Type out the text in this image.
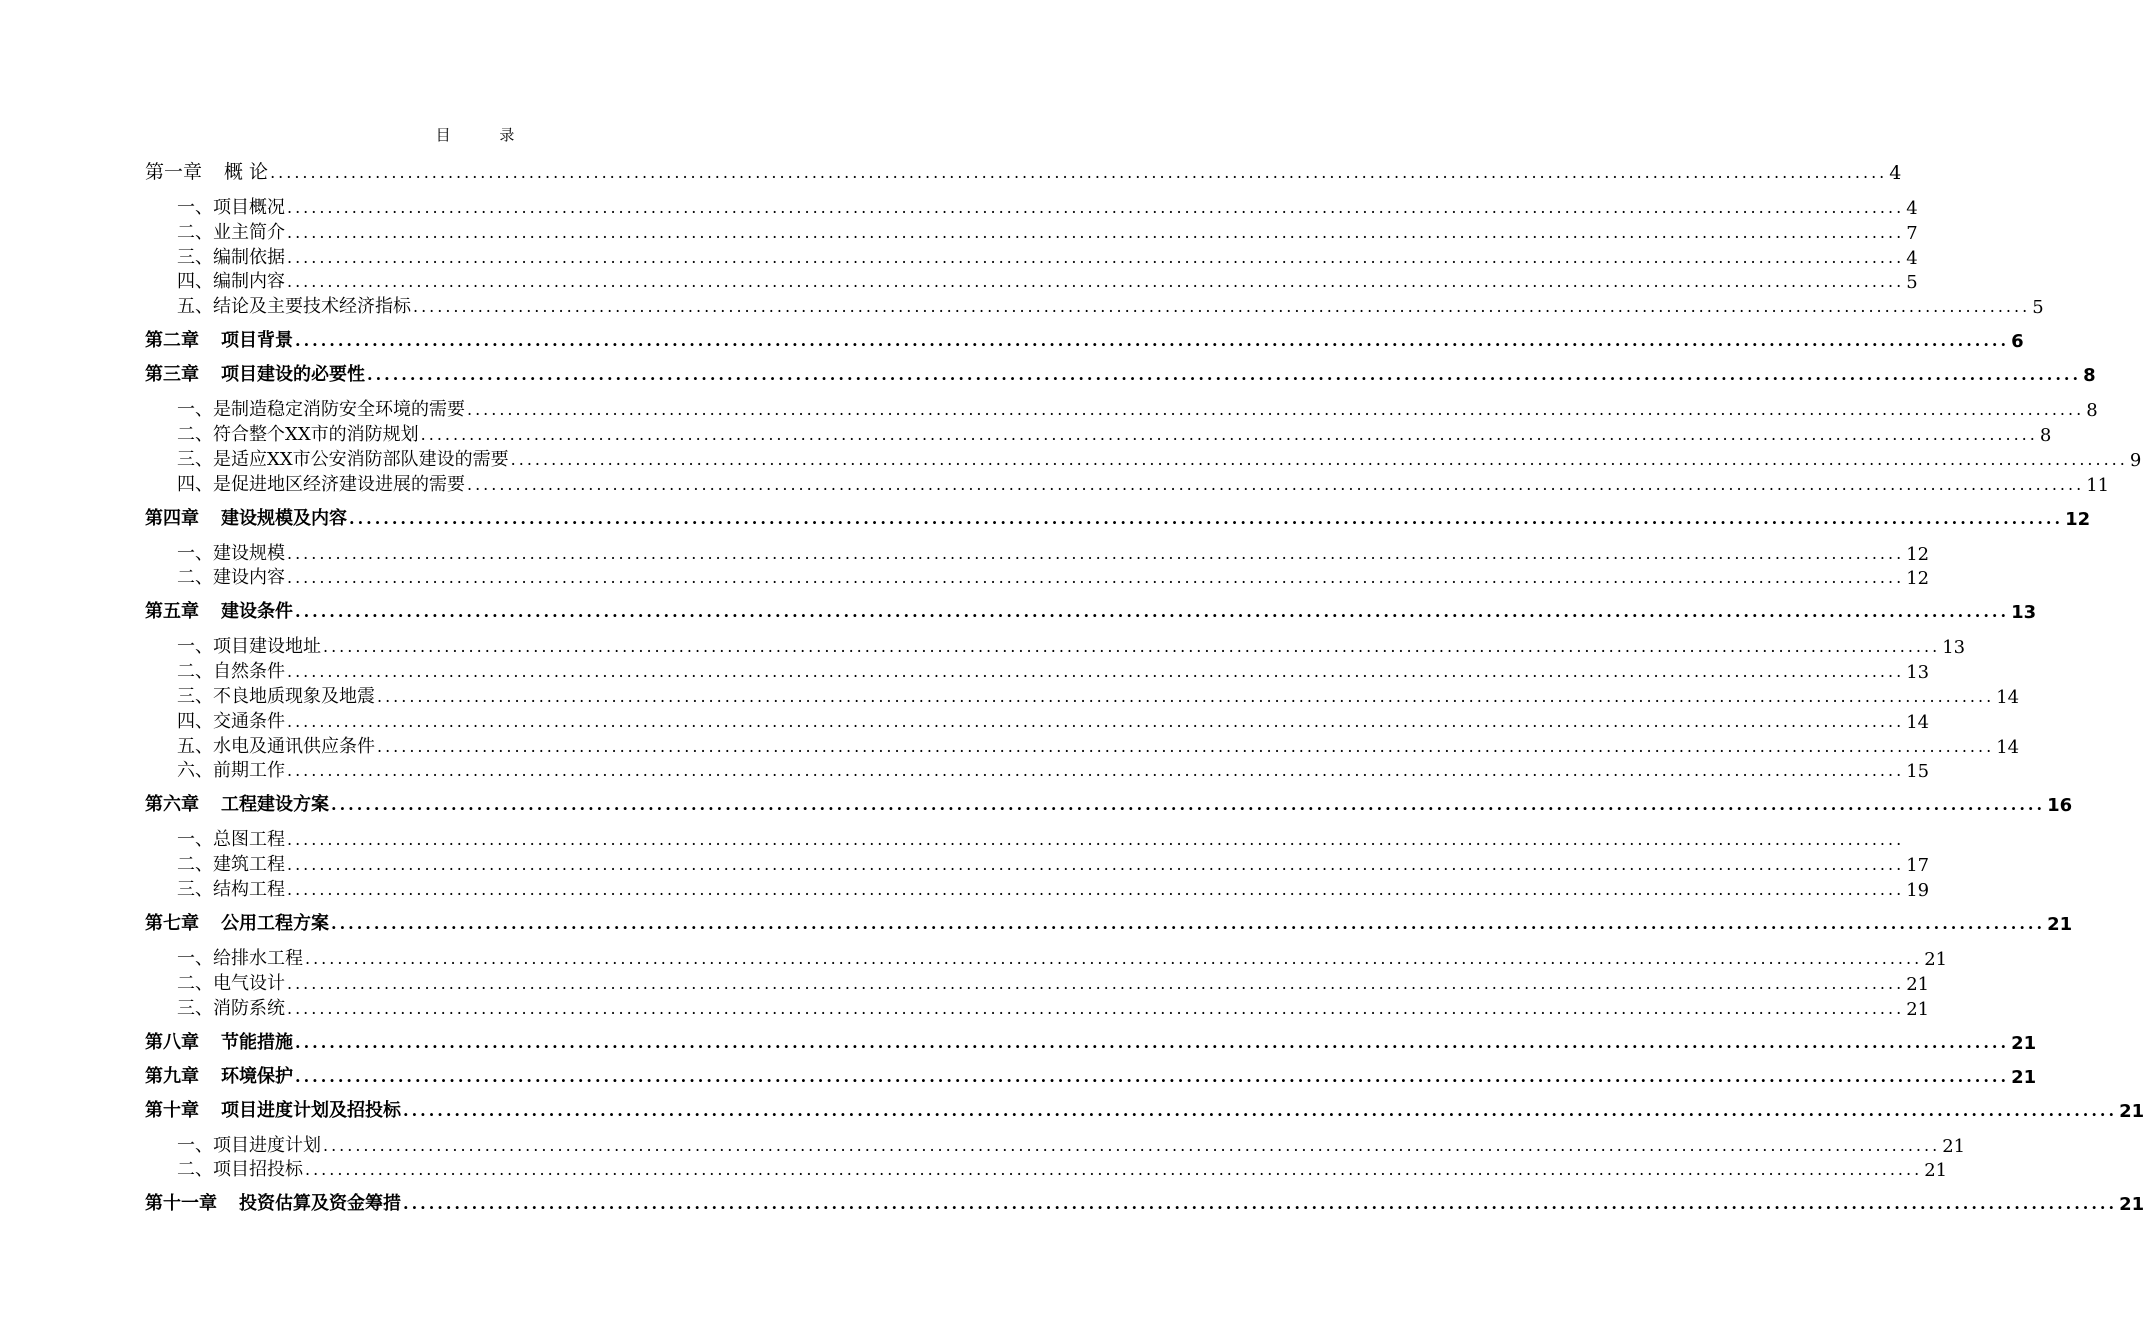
目 录
第一章 概 论 ........................................................................................................................................................................................................ 4
一、项目概况 ........................................................................................................................................................................................................ 4
二、业主简介 ........................................................................................................................................................................................................ 7
三、编制依据 ........................................................................................................................................................................................................ 4
四、编制内容 ........................................................................................................................................................................................................ 5
五、结论及主要技术经济指标 ........................................................................................................................................................................................................ 5
第二章 项目背景 ........................................................................................................................................................................................................ 6
第三章 项目建设的必要性 ........................................................................................................................................................................................................ 8
一、是制造稳定消防安全环境的需要 ........................................................................................................................................................................................................ 8
二、符合整个XX市的消防规划 ........................................................................................................................................................................................................ 8
三、是适应XX市公安消防部队建设的需要 ........................................................................................................................................................................................................ 9
四、是促进地区经济建设进展的需要 ........................................................................................................................................................................................................ 11
第四章 建设规模及内容 ........................................................................................................................................................................................................ 12
一、建设规模 ........................................................................................................................................................................................................ 12
二、建设内容 ........................................................................................................................................................................................................ 12
第五章 建设条件 ........................................................................................................................................................................................................ 13
一、项目建设地址 ........................................................................................................................................................................................................ 13
二、自然条件 ........................................................................................................................................................................................................ 13
三、不良地质现象及地震 ........................................................................................................................................................................................................ 14
四、交通条件 ........................................................................................................................................................................................................ 14
五、水电及通讯供应条件 ........................................................................................................................................................................................................ 14
六、前期工作 ........................................................................................................................................................................................................ 15
第六章 工程建设方案 ........................................................................................................................................................................................................ 16
一、总图工程 ........................................................................................................................................................................................................
二、建筑工程 ........................................................................................................................................................................................................ 17
三、结构工程 ........................................................................................................................................................................................................ 19
第七章 公用工程方案 ........................................................................................................................................................................................................ 21
一、给排水工程 ........................................................................................................................................................................................................ 21
二、电气设计 ........................................................................................................................................................................................................ 21
三、消防系统 ........................................................................................................................................................................................................ 21
第八章 节能措施 ........................................................................................................................................................................................................ 21
第九章 环境保护 ........................................................................................................................................................................................................ 21
第十章 项目进度计划及招投标 ........................................................................................................................................................................................................ 21
一、项目进度计划 ........................................................................................................................................................................................................ 21
二、项目招投标 ........................................................................................................................................................................................................ 21
第十一章 投资估算及资金筹措 ........................................................................................................................................................................................................ 21
